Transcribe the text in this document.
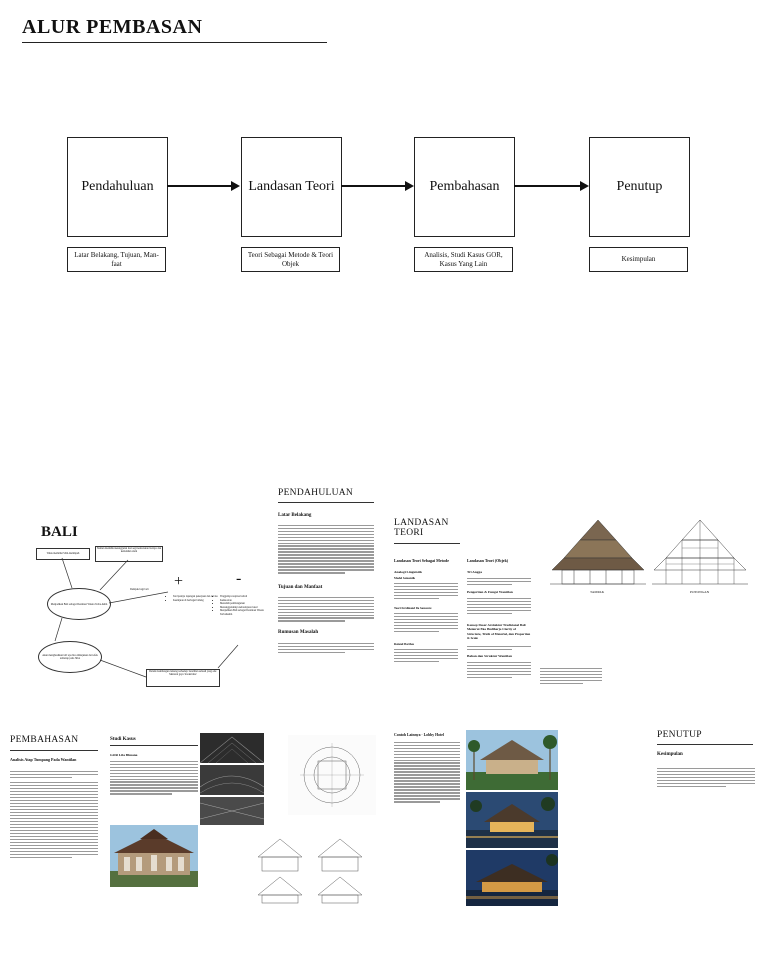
ALUR PEMBASAN
Pendahuluan	Landasan Teori	Pembahasan	Penutup
Latar Belakang, Tujuan, Man-
faat
Teori Sebagai Metode & Teori
Objek
Analisis, Studi Kasus GOR,
Kasus Yang Lain
Kesimpulan
BALI
Tidak memiliki SDA melimpah
Namun memiliki keunggulan dari segi kemolekan budaya dan keindahan alam
Menjadikan Bali sebagai Destinasi Wisata Terba-ikdm
Akan menghasilkan GD apa bisa dimajukan dari efek terhadap pada SDA
+	-
Dampak bagi bali
• Tercipatnya lapangan pekerjaan dan devisa
• Keamjuan di berbagai bidang
• Tinggalnya napirsa beiloh
• Kemacetan
• Menelsih pembangunan
• Menenggelamnya kebudayaan lokal
• Menjadikan Bali sebagai Destinasi Wisata Terbaiksdm
Dalam membangun lantang terhadap/ beralihan sebuah yang ada: Menurut gaya 'modernitas'
PENDAHULUAN
Latar Belakang
Tujuan dan Manfaat
Rumusan Masalah
LANDASAN
TEORI
Landasan Teori Sebagai Metode
Analogi Linguistik
Model Semantik
Teori Ferdinand De Saussure
Roland Barthes
Landasan Teori (Objek)
Tri Angga
Pengertian & Fungsi Wantilan
Konsep Dasar Arsitektur Tradisional Bali Menurut Eko Budiharjo Clarity of Structure, Truth of Material, dan Proportion & Scale
Bahan dan Struktur Wantilan
TAMPAK	POTONGAN
PEMBAHASAN
Analisis Atap Tumpang Pada Wantilan
Studi Kasus
GOR Lila Bhuana
Contoh Lainnya - Lobby Hotel	PENUTUP
Kesimpulan
